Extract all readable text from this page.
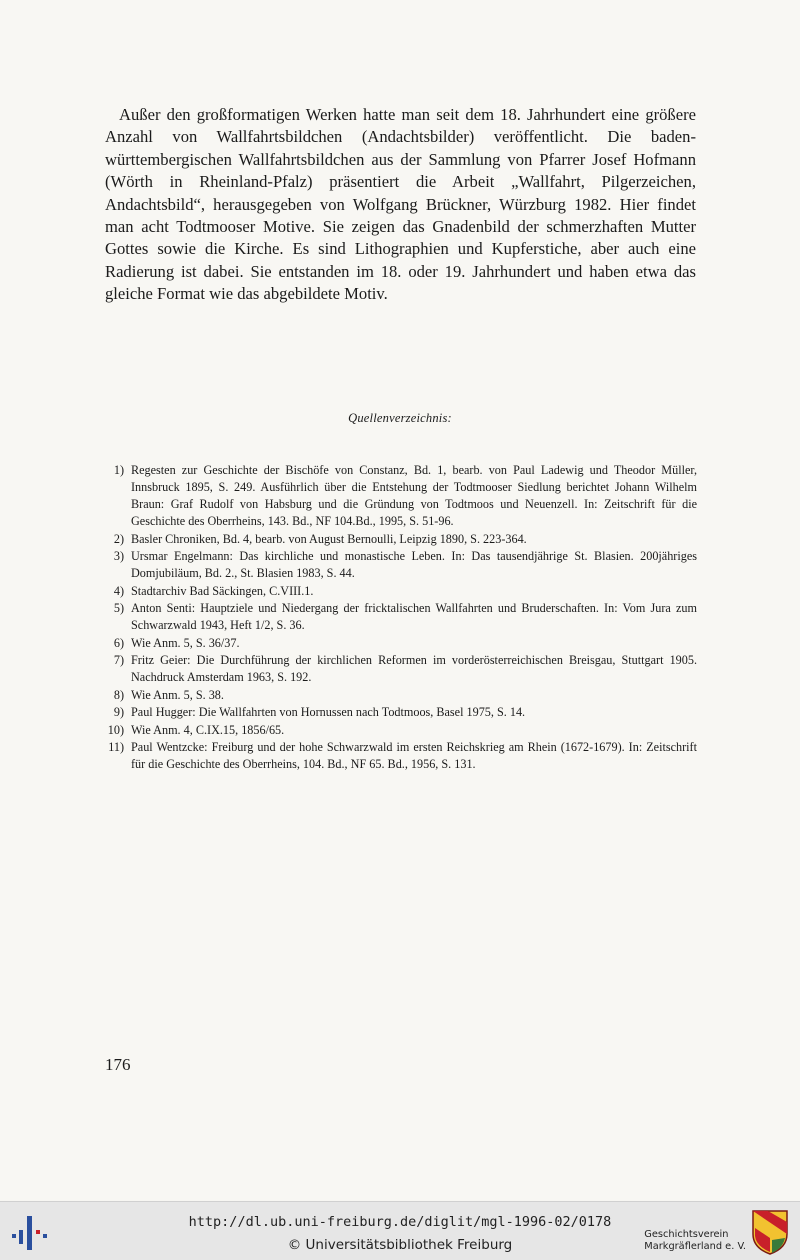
Außer den großformatigen Werken hatte man seit dem 18. Jahrhundert eine größere Anzahl von Wallfahrtsbildchen (Andachtsbilder) veröffentlicht. Die baden-württembergischen Wallfahrtsbildchen aus der Sammlung von Pfarrer Josef Hofmann (Wörth in Rheinland-Pfalz) präsentiert die Arbeit „Wallfahrt, Pilgerzeichen, Andachtsbild“, herausgegeben von Wolfgang Brückner, Würzburg 1982. Hier findet man acht Todtmooser Motive. Sie zeigen das Gnadenbild der schmerzhaften Mutter Gottes sowie die Kirche. Es sind Lithographien und Kupferstiche, aber auch eine Radierung ist dabei. Sie entstanden im 18. oder 19. Jahrhundert und haben etwa das gleiche Format wie das abgebildete Motiv.

Quellenverzeichnis:
1) Regesten zur Geschichte der Bischöfe von Constanz, Bd. 1, bearb. von Paul Ladewig und Theodor Müller, Innsbruck 1895, S. 249. Ausführlich über die Entstehung der Todtmooser Siedlung berichtet Johann Wilhelm Braun: Graf Rudolf von Habsburg und die Gründung von Todtmoos und Neuenzell. In: Zeitschrift für die Geschichte des Oberrheins, 143. Bd., NF 104.Bd., 1995, S. 51-96.
2) Basler Chroniken, Bd. 4, bearb. von August Bernoulli, Leipzig 1890, S. 223-364.
3) Ursmar Engelmann: Das kirchliche und monastische Leben. In: Das tausendjährige St. Blasien. 200jähriges Domjubiläum, Bd. 2., St. Blasien 1983, S. 44.
4) Stadtarchiv Bad Säckingen, C.VIII.1.
5) Anton Senti: Hauptziele und Niedergang der fricktalischen Wallfahrten und Bruderschaften. In: Vom Jura zum Schwarzwald 1943, Heft 1/2, S. 36.
6) Wie Anm. 5, S. 36/37.
7) Fritz Geier: Die Durchführung der kirchlichen Reformen im vorderösterreichischen Breisgau, Stuttgart 1905. Nachdruck Amsterdam 1963, S. 192.
8) Wie Anm. 5, S. 38.
9) Paul Hugger: Die Wallfahrten von Hornussen nach Todtmoos, Basel 1975, S. 14.
10) Wie Anm. 4, C.IX.15, 1856/65.
11) Paul Wentzcke: Freiburg und der hohe Schwarzwald im ersten Reichskrieg am Rhein (1672-1679). In: Zeitschrift für die Geschichte des Oberrheins, 104. Bd., NF 65. Bd., 1956, S. 131.
176
http://dl.ub.uni-freiburg.de/diglit/mgl-1996-02/0178
© Universitätsbibliothek Freiburg
Geschichtsverein
Markgräflerland e. V.
